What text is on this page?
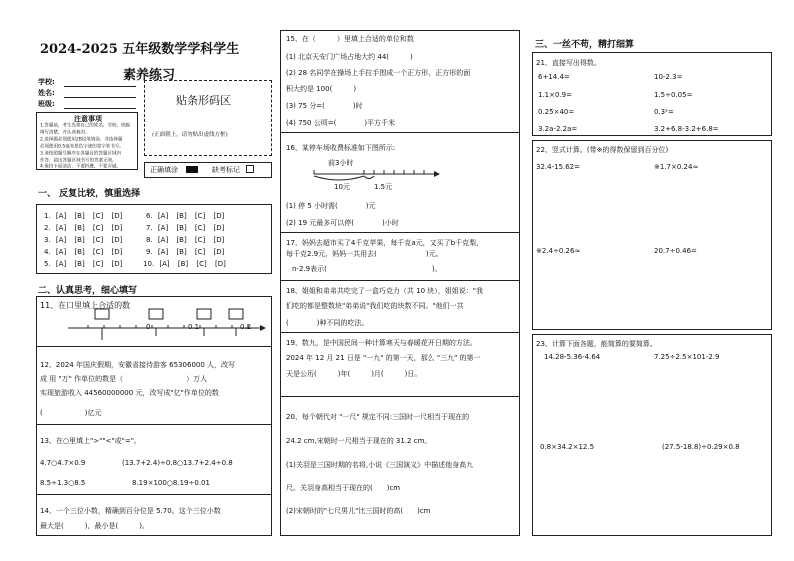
2024-2025 五年级数学学科学生
素养练习
学校:
姓名:
班级:	贴条形码区
(正面朝上，请勿贴出虚线方框)
注意事项
1.答题前，考生先将自己的姓名、学校、班级
填写清楚，并认真核对。
2.选择题必须使用2B铅笔填涂；非选择题
必须使用0.5毫米黑色字迹的签字笔书写。
3.请按照题号顺序在各题目的答题区域内
作答，超出答题区域书写的答案无效。
4.保持卡面清洁，不要折叠、不要弄破。	正确填涂	缺考标记
一、 反复比较，慎重选择
1. [A] [B] [C] [D]
2. [A] [B] [C] [D]
3. [A] [B] [C] [D]
4. [A] [B] [C] [D]
5. [A] [B] [C] [D]
6. [A] [B] [C] [D]
7. [A] [B] [C] [D]
8. [A] [B] [C] [D]
9. [A] [B] [C] [D]
10. [A] [B] [C] [D]
二、认真思考，细心填写
11、在口里填上合适的数
0	0.1	0.2
12、2024 年国庆假期，安徽省接待游客 65306000 人，改写
成 用 "万" 作单位的数是（　　　　　　　　　）万人
实现旅游收入 44560000000 元，改写成"亿"作单位的数
(　　　　　　)亿元
13、在○里填上">""<"或"="。
4.7○4.7×0.9	(13.7+2.4)÷0.8○13.7+2.4÷0.8
8.5÷1.3○8.5	8.19×100○8.19÷0.01
14、一个三位小数，精确到百分位是 5.70。这个三位小数
最大是(　　　)，最小是(　　　)。
15、在（　　　）里填上合适的单位和数
(1) 北京天安门广场占地大约 44(　　　)
(2) 28 名同学在操场上手拉手围成一个正方形，正方形的面
积大约是 100(　　　)
(3) 75 分=(　　　　)时
(4) 750 公顷=(　　　　)平方千米
16、某停车场收费标准如下图所示:
前3小时
10元	1.5元
(1) 停 5 小时需(　　　　)元
(2) 19 元最多可以停(　　　　)小时
17、妈妈去超市买了4千克苹果，每千克a元，又买了b千克梨，
每千克2.9元，妈妈一共用去(　　　　　　　)元。
n-2.9表示(　　　　　　　　　　　　　　　)。
18、姐姐和弟弟共吃完了一盒巧克力（共 10 块），姐姐说："我
们吃的都是整数块"弟弟说"我们吃的块数不同。"他们一共
(　　　　)种不同的吃法。
19、数九，是中国民间一种计算寒天与春暖花开日期的方法。
2024 年 12 月 21 日是 "一九" 的第一天，那么 "三九" 的第一
天是公历(　　　)年(　　　)月(　　　)日。
20、每个朝代对 "一尺" 规定不同:三国时一尺相当于现在的
24.2 cm,宋朝时一尺相当于现在的 31.2 cm。
(1)关羽是三国时期的名将,小说《三国演义》中描述他身高九
尺。关羽身高相当于现在的(　　)cm
(2)宋朝时的"七尺男儿"比三国时的高(　　)cm
三、一丝不苟，精打细算
21、直接写出得数。
6+14.4=	10-2.3=
1.1×0.9=	1.5÷0.05=
0.25×40=	0.3²=
3.2a-2.2a=	3.2+6.8-3.2+6.8=
22、竖式计算。(带※的得数保留到百分位)
32.4-15.62=	※1.7×0.24≈
※2.4÷0.26≈	20.7÷0.46=
23、计算下面各题，能简算的要简算。
14.28-5.36-4.64	7.25÷2.5×101-2.9
0.8×34.2×12.5	(27.5-18.8)÷0.29×0.8
